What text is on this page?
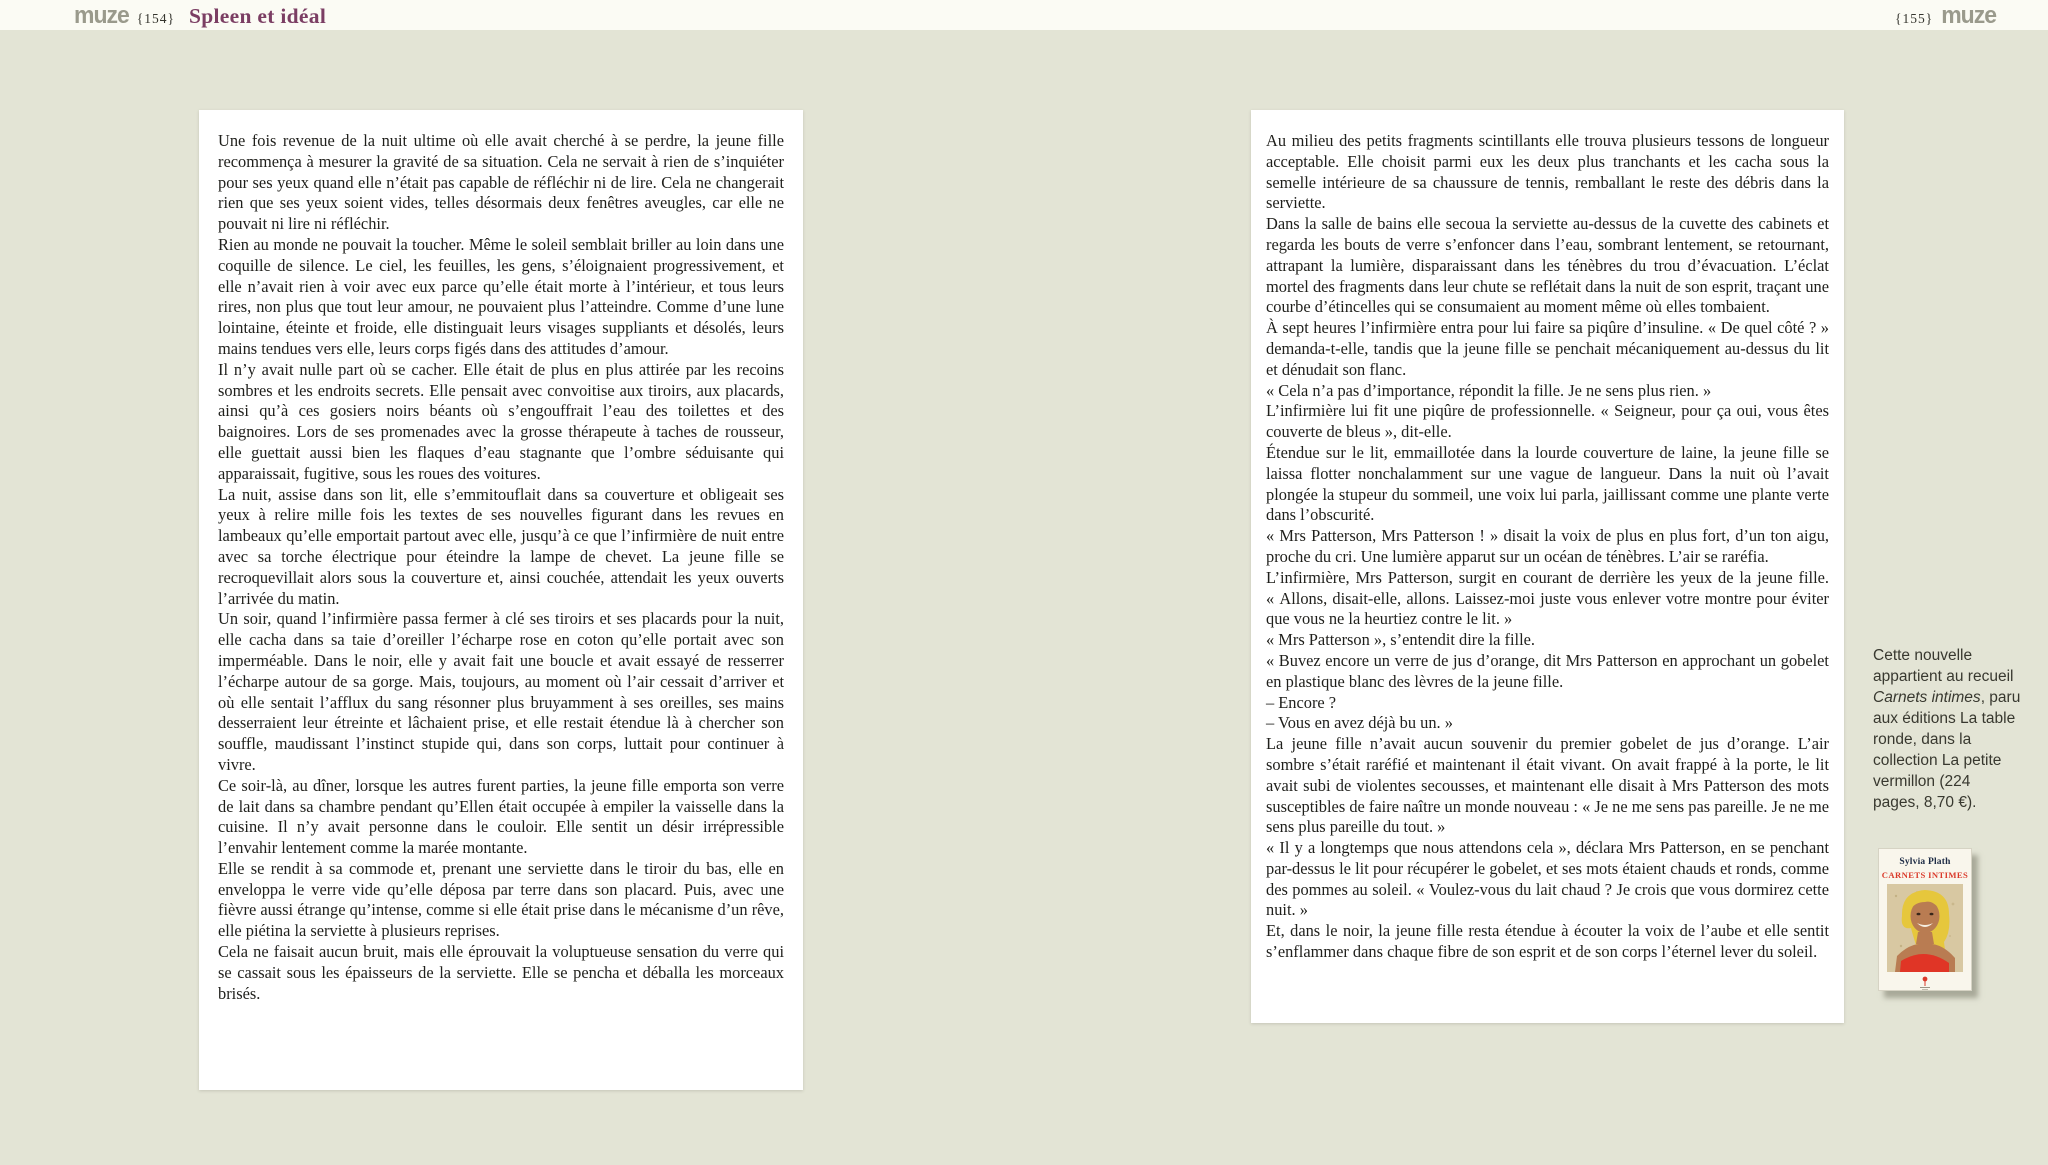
muze {154} Spleen et idéal	{155} muze

Une fois revenue de la nuit ultime où elle avait cherché à se perdre, la jeune fille recommença à mesurer la gravité de sa situation. Cela ne servait à rien de s’inquiéter pour ses yeux quand elle n’était pas capable de réfléchir ni de lire. Cela ne changerait rien que ses yeux soient vides, telles désormais deux fenêtres aveugles, car elle ne pouvait ni lire ni réfléchir.

Rien au monde ne pouvait la toucher. Même le soleil semblait briller au loin dans une coquille de silence. Le ciel, les feuilles, les gens, s’éloignaient progressivement, et elle n’avait rien à voir avec eux parce qu’elle était morte à l’intérieur, et tous leurs rires, non plus que tout leur amour, ne pouvaient plus l’atteindre. Comme d’une lune lointaine, éteinte et froide, elle distinguait leurs visages suppliants et désolés, leurs mains tendues vers elle, leurs corps figés dans des attitudes d’amour.

Il n’y avait nulle part où se cacher. Elle était de plus en plus attirée par les recoins sombres et les endroits secrets. Elle pensait avec convoitise aux tiroirs, aux placards, ainsi qu’à ces gosiers noirs béants où s’engouffrait l’eau des toilettes et des baignoires. Lors de ses promenades avec la grosse thérapeute à taches de rousseur, elle guettait aussi bien les flaques d’eau stagnante que l’ombre séduisante qui apparaissait, fugitive, sous les roues des voitures.

La nuit, assise dans son lit, elle s’emmitouflait dans sa couverture et obligeait ses yeux à relire mille fois les textes de ses nouvelles figurant dans les revues en lambeaux qu’elle emportait partout avec elle, jusqu’à ce que l’infirmière de nuit entre avec sa torche électrique pour éteindre la lampe de chevet. La jeune fille se recroquevillait alors sous la couverture et, ainsi couchée, attendait les yeux ouverts l’arrivée du matin.

Un soir, quand l’infirmière passa fermer à clé ses tiroirs et ses placards pour la nuit, elle cacha dans sa taie d’oreiller l’écharpe rose en coton qu’elle portait avec son imperméable. Dans le noir, elle y avait fait une boucle et avait essayé de resserrer l’écharpe autour de sa gorge. Mais, toujours, au moment où l’air cessait d’arriver et où elle sentait l’afflux du sang résonner plus bruyamment à ses oreilles, ses mains desserraient leur étreinte et lâchaient prise, et elle restait étendue là à chercher son souffle, maudissant l’instinct stupide qui, dans son corps, luttait pour continuer à vivre.

Ce soir-là, au dîner, lorsque les autres furent parties, la jeune fille emporta son verre de lait dans sa chambre pendant qu’Ellen était occupée à empiler la vaisselle dans la cuisine. Il n’y avait personne dans le couloir. Elle sentit un désir irrépressible l’envahir lentement comme la marée montante.

Elle se rendit à sa commode et, prenant une serviette dans le tiroir du bas, elle en enveloppa le verre vide qu’elle déposa par terre dans son placard. Puis, avec une fièvre aussi étrange qu’intense, comme si elle était prise dans le mécanisme d’un rêve, elle piétina la serviette à plusieurs reprises.

Cela ne faisait aucun bruit, mais elle éprouvait la voluptueuse sensation du verre qui se cassait sous les épaisseurs de la serviette. Elle se pencha et déballa les morceaux brisés.

Au milieu des petits fragments scintillants elle trouva plusieurs tessons de longueur acceptable. Elle choisit parmi eux les deux plus tranchants et les cacha sous la semelle intérieure de sa chaussure de tennis, remballant le reste des débris dans la serviette.

Dans la salle de bains elle secoua la serviette au-dessus de la cuvette des cabinets et regarda les bouts de verre s’enfoncer dans l’eau, sombrant lentement, se retournant, attrapant la lumière, disparaissant dans les ténèbres du trou d’évacuation. L’éclat mortel des fragments dans leur chute se reflétait dans la nuit de son esprit, traçant une courbe d’étincelles qui se consumaient au moment même où elles tombaient.

À sept heures l’infirmière entra pour lui faire sa piqûre d’insuline. « De quel côté ? » demanda-t-elle, tandis que la jeune fille se penchait mécaniquement au-dessus du lit et dénudait son flanc.

« Cela n’a pas d’importance, répondit la fille. Je ne sens plus rien. »

L’infirmière lui fit une piqûre de professionnelle. « Seigneur, pour ça oui, vous êtes couverte de bleus », dit-elle.

Étendue sur le lit, emmaillotée dans la lourde couverture de laine, la jeune fille se laissa flotter nonchalamment sur une vague de langueur. Dans la nuit où l’avait plongée la stupeur du sommeil, une voix lui parla, jaillissant comme une plante verte dans l’obscurité.

« Mrs Patterson, Mrs Patterson ! » disait la voix de plus en plus fort, d’un ton aigu, proche du cri. Une lumière apparut sur un océan de ténèbres. L’air se raréfia.

L’infirmière, Mrs Patterson, surgit en courant de derrière les yeux de la jeune fille. « Allons, disait-elle, allons. Laissez-moi juste vous enlever votre montre pour éviter que vous ne la heurtiez contre le lit. »

« Mrs Patterson », s’entendit dire la fille.

« Buvez encore un verre de jus d’orange, dit Mrs Patterson en approchant un gobelet en plastique blanc des lèvres de la jeune fille.

– Encore ?

– Vous en avez déjà bu un. »

La jeune fille n’avait aucun souvenir du premier gobelet de jus d’orange. L’air sombre s’était raréfié et maintenant il était vivant. On avait frappé à la porte, le lit avait subi de violentes secousses, et maintenant elle disait à Mrs Patterson des mots susceptibles de faire naître un monde nouveau : « Je ne me sens pas pareille. Je ne me sens plus pareille du tout. »

« Il y a longtemps que nous attendons cela », déclara Mrs Patterson, en se penchant par-dessus le lit pour récupérer le gobelet, et ses mots étaient chauds et ronds, comme des pommes au soleil. « Voulez-vous du lait chaud ? Je crois que vous dormirez cette nuit. »

Et, dans le noir, la jeune fille resta étendue à écouter la voix de l’aube et elle sentit s’enflammer dans chaque fibre de son esprit et de son corps l’éternel lever du soleil.

Cette nouvelle appartient au recueil Carnets intimes, paru aux éditions La table ronde, dans la collection La petite vermillon (224 pages, 8,70 €).

Sylvia Plath
CARNETS INTIMES
